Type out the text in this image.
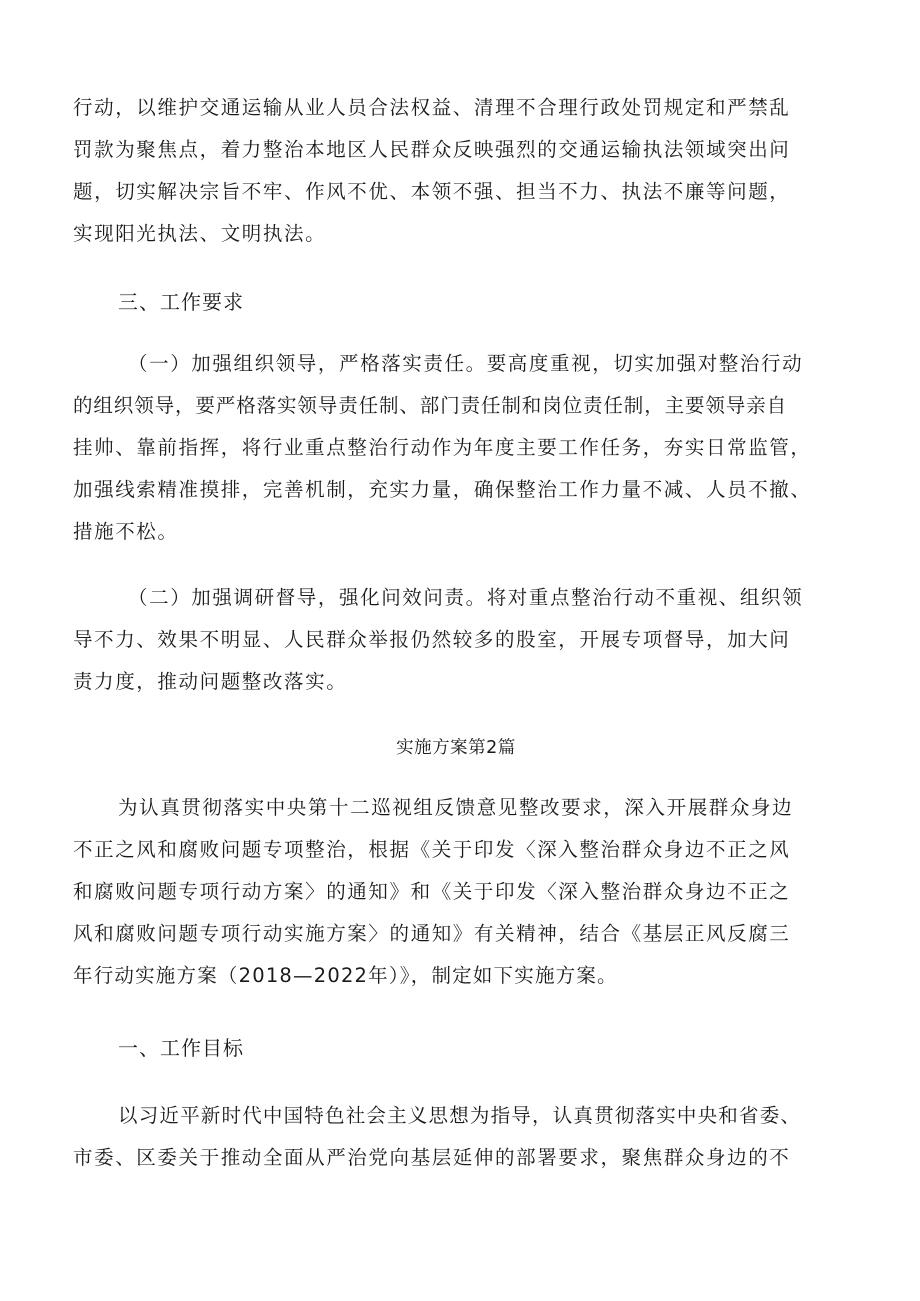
行动，以维护交通运输从业人员合法权益、清理不合理行政处罚规定和严禁乱
罚款为聚焦点，着力整治本地区人民群众反映强烈的交通运输执法领域突出问
题，切实解决宗旨不牢、作风不优、本领不强、担当不力、执法不廉等问题，
实现阳光执法、文明执法。
三、工作要求
（一）加强组织领导，严格落实责任。要高度重视，切实加强对整治行动
的组织领导，要严格落实领导责任制、部门责任制和岗位责任制，主要领导亲自
挂帅、靠前指挥，将行业重点整治行动作为年度主要工作任务，夯实日常监管，
加强线索精准摸排，完善机制，充实力量，确保整治工作力量不减、人员不撤、
措施不松。
（二）加强调研督导，强化问效问责。将对重点整治行动不重视、组织领
导不力、效果不明显、人民群众举报仍然较多的股室，开展专项督导，加大问
责力度，推动问题整改落实。
实施方案第2篇
为认真贯彻落实中央第十二巡视组反馈意见整改要求，深入开展群众身边
不正之风和腐败问题专项整治，根据《关于印发〈深入整治群众身边不正之风
和腐败问题专项行动方案〉的通知》和《关于印发〈深入整治群众身边不正之
风和腐败问题专项行动实施方案〉的通知》有关精神，结合《基层正风反腐三
年行动实施方案（2018—2022年）》，制定如下实施方案。
一、工作目标
以习近平新时代中国特色社会主义思想为指导，认真贯彻落实中央和省委、
市委、区委关于推动全面从严治党向基层延伸的部署要求，聚焦群众身边的不
